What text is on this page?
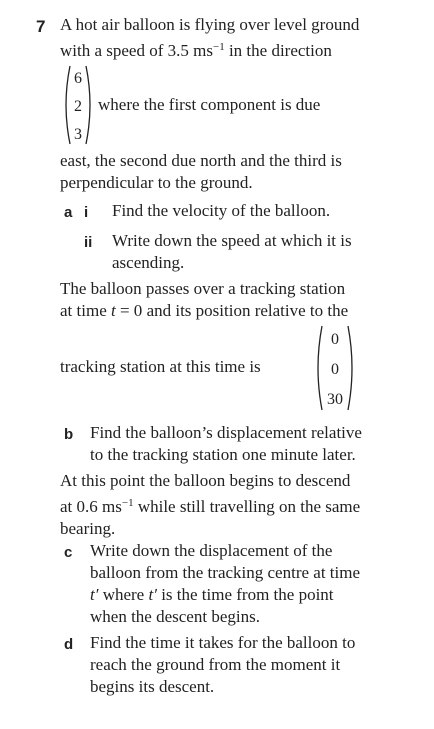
7 A hot air balloon is flying over level ground
with a speed of 3.5 $ms^{-1}$ in the direction
6
2
3
where the first component is due
east, the second due north and the third is
perpendicular to the ground.
a i Find the velocity of the balloon.
ii Write down the speed at which it is
ascending.
The balloon passes over a tracking station
at time t = 0 and its position relative to the
tracking station at this time is
0
0
30
b Find the balloon’s displacement relative
to the tracking station one minute later.
At this point the balloon begins to descend
at 0.6 $ms^{-1}$ while still travelling on the same
bearing.
c Write down the displacement of the
balloon from the tracking centre at time
t′ where t′ is the time from the point
when the descent begins.
d Find the time it takes for the balloon to
reach the ground from the moment it
begins its descent.
